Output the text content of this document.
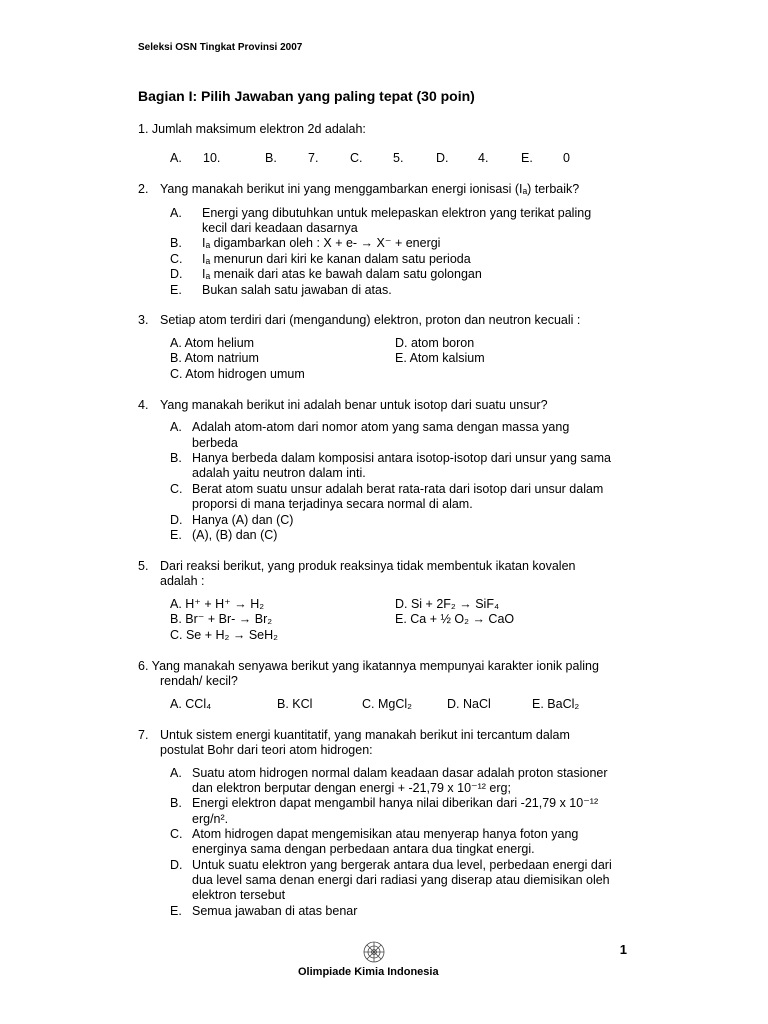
Seleksi OSN Tingkat Provinsi 2007
Bagian I: Pilih Jawaban yang paling tepat (30 poin)
1. Jumlah maksimum elektron 2d adalah:
A. 10.	B. 7.	C. 5.	D. 4.	E. 0
2. Yang manakah berikut ini yang menggambarkan energi ionisasi (Iₐ) terbaik?
A. Energi yang dibutuhkan untuk melepaskan elektron yang terikat paling
kecil dari keadaan dasarnya
B. Iₐ digambarkan oleh : X + e- → X⁻ + energi
C. Iₐ menurun dari kiri ke kanan dalam satu perioda
D. Iₐ menaik dari atas ke bawah dalam satu golongan
E. Bukan salah satu jawaban di atas.
3. Setiap atom terdiri dari (mengandung) elektron, proton dan neutron kecuali :
A. Atom helium
B. Atom natrium
C. Atom hidrogen umum
D. atom boron
E. Atom kalsium
4. Yang manakah berikut ini adalah benar untuk isotop dari suatu unsur?
A. Adalah atom-atom dari nomor atom yang sama dengan massa yang
berbeda
B. Hanya berbeda dalam komposisi antara isotop-isotop dari unsur yang sama
adalah yaitu neutron dalam inti.
C. Berat atom suatu unsur adalah berat rata-rata dari isotop dari unsur dalam
proporsi di mana terjadinya secara normal di alam.
D. Hanya (A) dan (C)
E. (A), (B) dan (C)
5. Dari reaksi berikut, yang produk reaksinya tidak membentuk ikatan kovalen
adalah :
A. H⁺ + H⁺ → H₂
B. Br⁻ + Br- → Br₂
C. Se + H₂ → SeH₂
D. Si + 2F₂ → SiF₄
E. Ca + ½ O₂ → CaO
6. Yang manakah senyawa berikut yang ikatannya mempunyai karakter ionik paling
rendah/ kecil?
A. CCl₄	B. KCl	C. MgCl₂	D. NaCl	E. BaCl₂
7. Untuk sistem energi kuantitatif, yang manakah berikut ini tercantum dalam
postulat Bohr dari teori atom hidrogen:
A. Suatu atom hidrogen normal dalam keadaan dasar adalah proton stasioner
dan elektron berputar dengan energi + -21,79 x 10⁻¹² erg;
B. Energi elektron dapat mengambil hanya nilai diberikan dari -21,79 x 10⁻¹²
erg/n².
C. Atom hidrogen dapat mengemisikan atau menyerap hanya foton yang
energinya sama dengan perbedaan antara dua tingkat energi.
D. Untuk suatu elektron yang bergerak antara dua level, perbedaan energi dari
dua level sama denan energi dari radiasi yang diserap atau diemisikan oleh
elektron tersebut
E. Semua jawaban di atas benar
1
Olimpiade Kimia Indonesia
